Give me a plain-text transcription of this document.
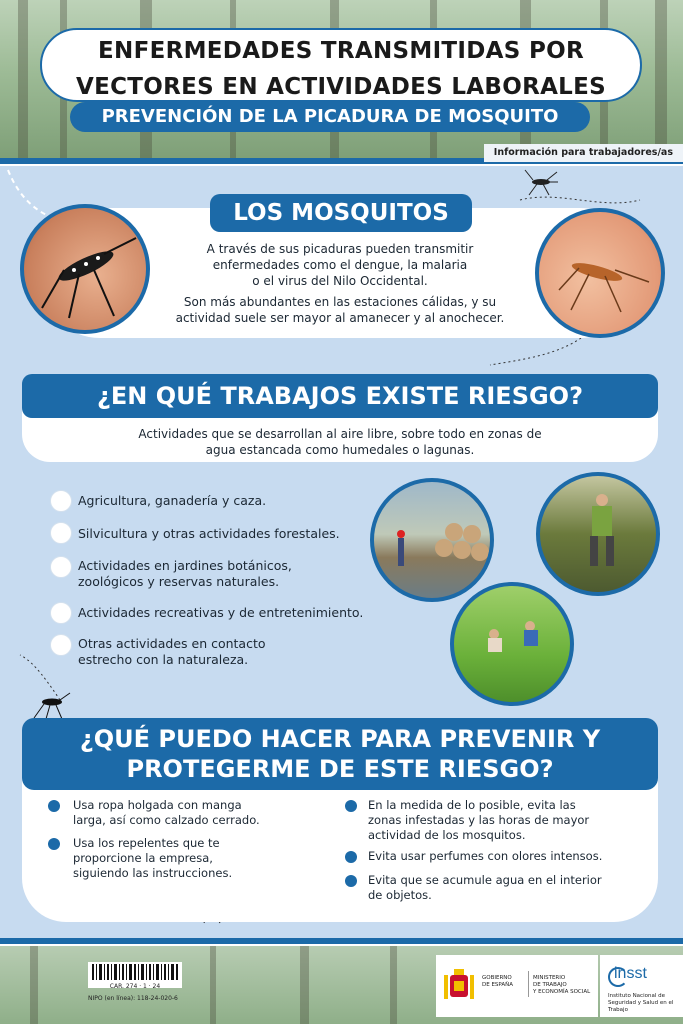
ENFERMEDADES TRANSMITIDAS POR
VECTORES EN ACTIVIDADES LABORALES
PREVENCIÓN DE LA PICADURA DE MOSQUITO
Información para trabajadores/as
LOS MOSQUITOS
A través de sus picaduras pueden transmitir
enfermedades como el dengue, la malaria
o el virus del Nilo Occidental.
Son más abundantes en las estaciones cálidas, y su
actividad suele ser mayor al amanecer y al anochecer.
¿EN QUÉ TRABAJOS EXISTE RIESGO?
Actividades que se desarrollan al aire libre, sobre todo en zonas de
agua estancada como humedales o lagunas.
Agricultura, ganadería y caza.
Silvicultura y otras actividades forestales.
Actividades en jardines botánicos,
zoológicos y reservas naturales.
Actividades recreativas y de entretenimiento.
Otras actividades en contacto
estrecho con la naturaleza.
¿QUÉ PUEDO HACER PARA PREVENIR Y
PROTEGERME DE ESTE RIESGO?
Usa ropa holgada con manga
larga, así como calzado cerrado.
Usa los repelentes que te
proporcione la empresa,
siguiendo las instrucciones.
En la medida de lo posible, evita las
zonas infestadas y las horas de mayor
actividad de los mosquitos.
Evita usar perfumes con olores intensos.
Evita que se acumule agua en el interior
de objetos.
CAR. 274 · 1 · 24
NIPO (en línea): 118-24-020-6
GOBIERNO
DE ESPAÑA
MINISTERIO
DE TRABAJO
Y ECONOMÍA SOCIAL
insst
Instituto Nacional de
Seguridad y Salud en el Trabajo
